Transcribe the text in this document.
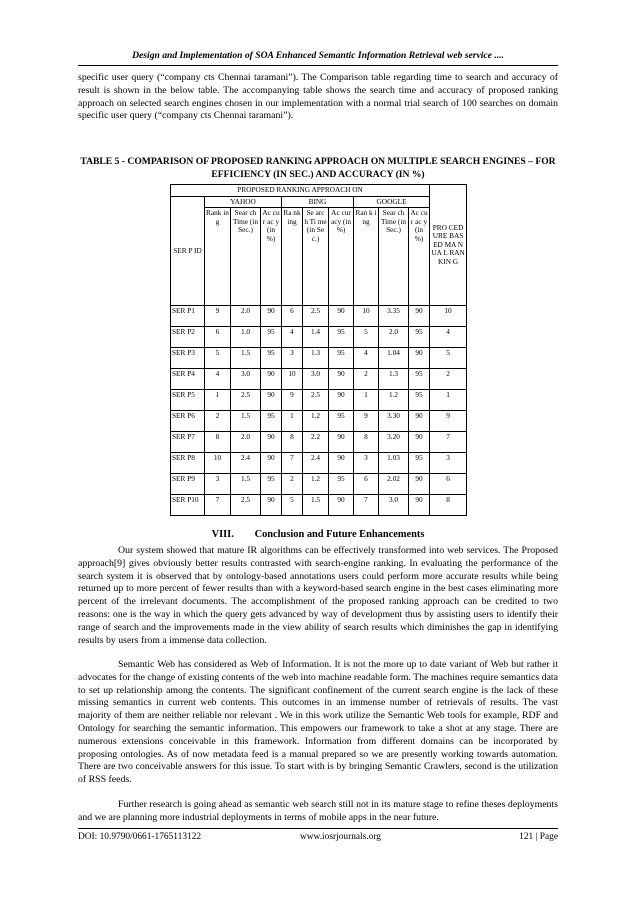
Design and Implementation of SOA Enhanced Semantic Information Retrieval web service ....

specific user query (“company cts Chennai taramani”). The Comparison table regarding time to search and accuracy of result is shown in the below table. The accompanying table shows the search time and accuracy of proposed ranking approach on selected search engines chosen in our implementation with a normal trial search of 100 searches on domain specific user query (“company cts Chennai taramani”).

TABLE 5 - COMPARISON OF PROPOSED RANKING APPROACH ON MULTIPLE SEARCH ENGINES – FOR EFFICIENCY (IN SEC.) AND ACCURACY (IN %)
PROPOSED RANKING APPROACH ON										PRO CED URE BAS ED MA NUA L RAN KIN G
SER P ID	YAHOO			BING			GOOGLE			
	Rank ing	Sear ch Time (in Sec.)	Ac cur ac y (in %)	Ra nk ing	Se arc h Ti me (in Se c.)	Ac cur acy (in %)	Ran k ing	Sear ch Time (in Sec.)	Ac cur ac y (in %)	
SER P1	9	2.0	90	6	2.5	90	10	3.35	90	10
SER P2	6	1.0	95	4	1.4	95	5	2.0	95	4
SER P3	5	1.5	95	3	1.3	95	4	1.04	90	5
SER P4	4	3.0	90	10	3.0	90	2	1.3	95	2
SER P5	1	2.5	90	9	2.5	90	1	1.2	95	1
SER P6	2	1.5	95	1	1.2	95	9	3.30	90	9
SER P7	8	2.0	90	8	2.2	90	8	3.20	90	7
SER P8	10	2.4	90	7	2.4	90	3	1.03	95	3
SER P9	3	1.5	95	2	1.2	95	6	2.02	90	6
SER P10	7	2.5	90	5	1.5	90	7	3.0	90	8
VIII.        Conclusion and Future Enhancements

Our system showed that mature IR algorithms can be effectively transformed into web services. The Proposed approach[9] gives obviously better results contrasted with search-engine ranking. In evaluating the performance of the search system it is observed that by ontology-based annotations users could perform more accurate results while being returned up to more percent of fewer results than with a keyword-based search engine in the best cases eliminating more percent of the irrelevant documents. The accomplishment of the proposed ranking approach can be credited to two reasons: one is the way in which the query gets advanced by way of development thus by assisting users to identify their range of search and the improvements made in the view ability of search results which diminishes the gap in identifying results by users from a immense data collection.

Semantic Web has considered as Web of Information. It is not the more up to date variant of Web but rather it advocates for the change of existing contents of the web into machine readable form. The machines require semantics data to set up relationship among the contents. The significant confinement of the current search engine is the lack of these missing semantics in current web contents. This outcomes in an immense number of retrievals of results. The vast majority of them are neither reliable nor relevant . We in this work utilize the Semantic Web tools for example, RDF and Ontology for searching the semantic information. This empowers our framework to take a shot at any stage. There are numerous extensions conceivable in this framework. Information from different domains can be incorporated by proposing ontologies. As of now metadata feed is a manual prepared so we are presently working towards automation. There are two conceivable answers for this issue. To start with is by bringing Semantic Crawlers, second is the utilization of RSS feeds.

Further research is going ahead as semantic web search still not in its mature stage to refine theses deployments and we are planning more industrial deployments in terms of mobile apps in the near future.

DOI: 10.9790/0661-1765113122	www.iosrjournals.org	121 | Page
